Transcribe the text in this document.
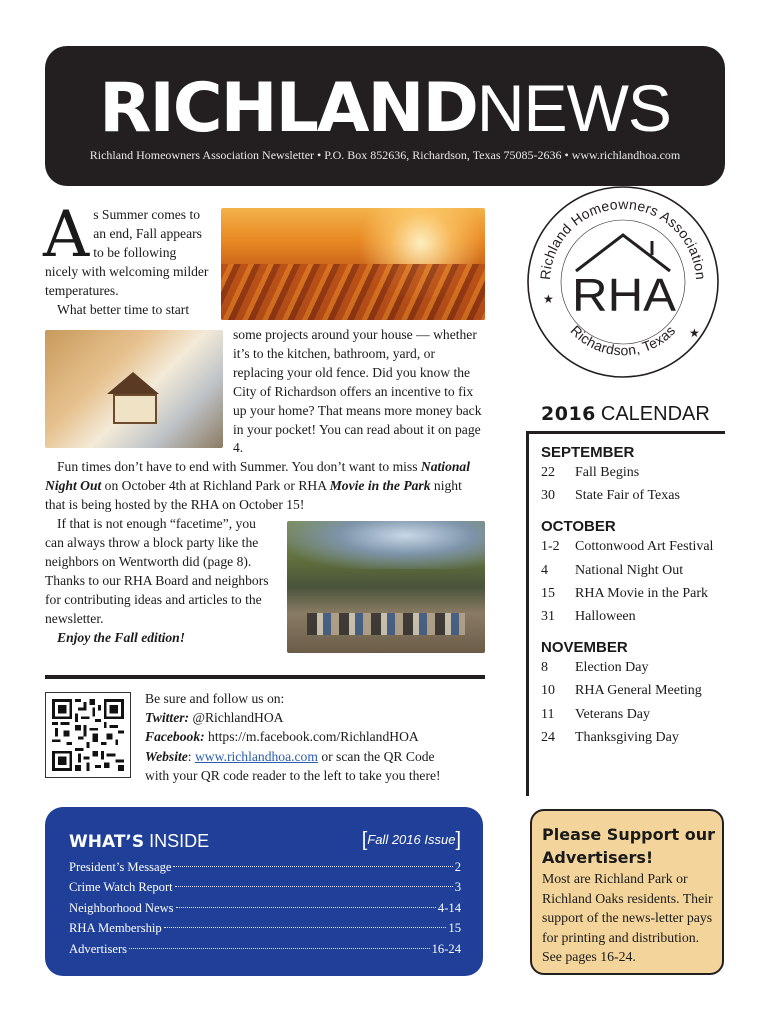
RICHLANDNEWS
Richland Homeowners Association Newsletter • P.O. Box 852636, Richardson, Texas 75085-2636 • www.richlandhoa.com
A s Summer comes to an end, Fall appears to be following nicely with welcoming milder temperatures.

What better time to start some projects around your house — whether it’s to the kitchen, bathroom, yard, or replacing your old fence. Did you know the City of Richardson offers an incentive to fix up your home? That means more money back in your pocket! You can read about it on page 4.

Fun times don’t have to end with Summer. You don’t want to miss National Night Out on October 4th at Richland Park or RHA Movie in the Park night that is being hosted by the RHA on October 15!

If that is not enough “facetime”, you can always throw a block party like the neighbors on Wentworth did (page 8). Thanks to our RHA Board and neighbors for contributing ideas and articles to the newsletter.

Enjoy the Fall edition!

Be sure and follow us on:
Twitter: @RichlandHOA
Facebook: https://m.facebook.com/RichlandHOA
Website: www.richlandhoa.com or scan the QR Code
with your QR code reader to the left to take you there!
Richland Homeowners Association
Richardson, Texas
RHA
★
★
2016 CALENDAR
SEPTEMBER
22	Fall Begins
30	State Fair of Texas
OCTOBER
1-2	Cottonwood Art Festival
4	National Night Out
15	RHA Movie in the Park
31	Halloween
NOVEMBER
8	Election Day
10	RHA General Meeting
11	Veterans Day
24	Thanksgiving Day
WHAT’S INSIDE	[Fall 2016 Issue]
President’s Message	2
Crime Watch Report	3
Neighborhood News	4-14
RHA Membership	15
Advertisers	16-24
Please Support our Advertisers!
Most are Richland Park or Richland Oaks residents. Their support of the news-letter pays for printing and distribution. See pages 16-24.
